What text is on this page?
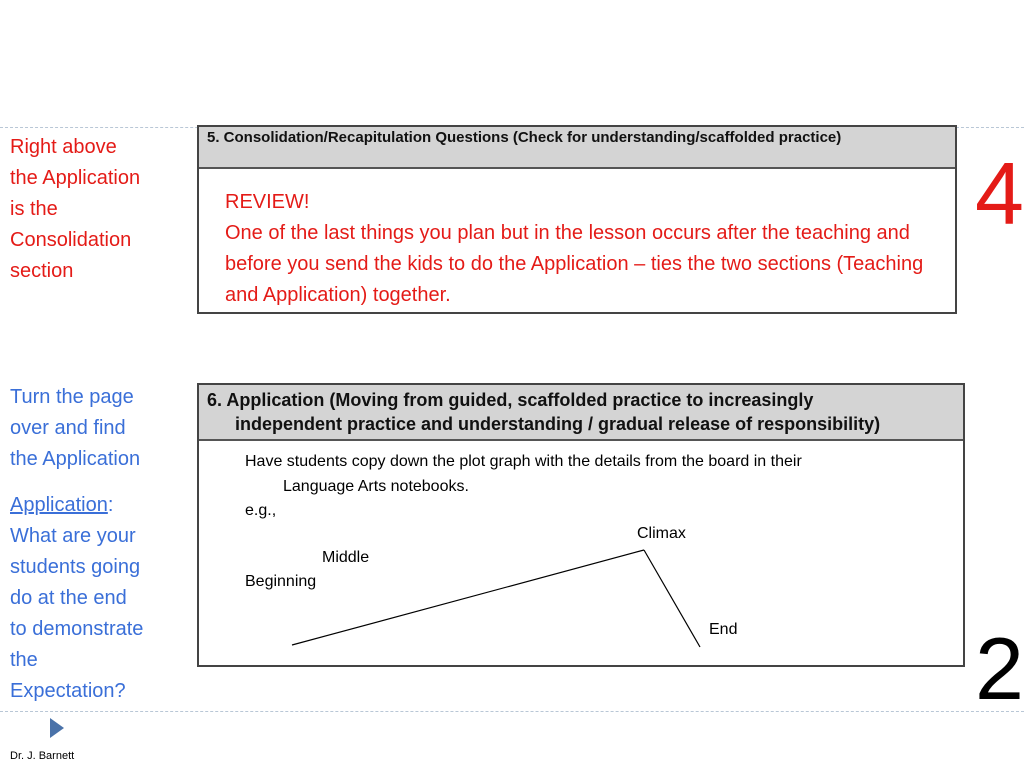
Right above
the Application
is the
Consolidation
section
Turn the page
over and find
the Application
Application:
What are your
students going
do at the end
to demonstrate
the
Expectation?
5. Consolidation/Recapitulation Questions (Check for understanding/scaffolded practice)
REVIEW!
One of the last things you plan but in the lesson occurs after the teaching and before you send the kids to do the Application – ties the two sections (Teaching and Application) together.
6. Application (Moving from guided, scaffolded practice to increasingly
independent practice and understanding / gradual release of responsibility)
Have students copy down the plot graph with the details from the board in their
Language Arts notebooks.
e.g.,
Climax
Middle
Beginning
End
4
2
Dr. J. Barnett
